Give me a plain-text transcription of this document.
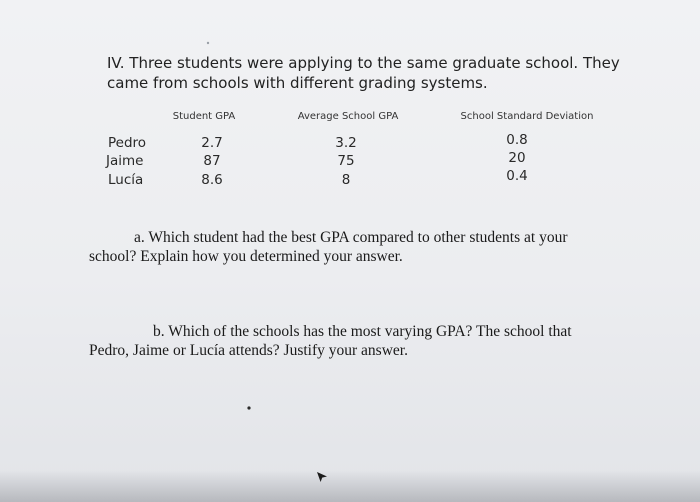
IV. Three students were applying to the same graduate school. They
came from schools with different grading systems.
Student GPA	Average School GPA	School Standard Deviation
Pedro
Jaime
Lucía
2.7
87
8.6
3.2
75
8
0.8
20
0.4

a. Which student had the best GPA compared to other students at your
school? Explain how you determined your answer.

b. Which of the schools has the most varying GPA? The school that
Pedro, Jaime or Lucía attends? Justify your answer.
